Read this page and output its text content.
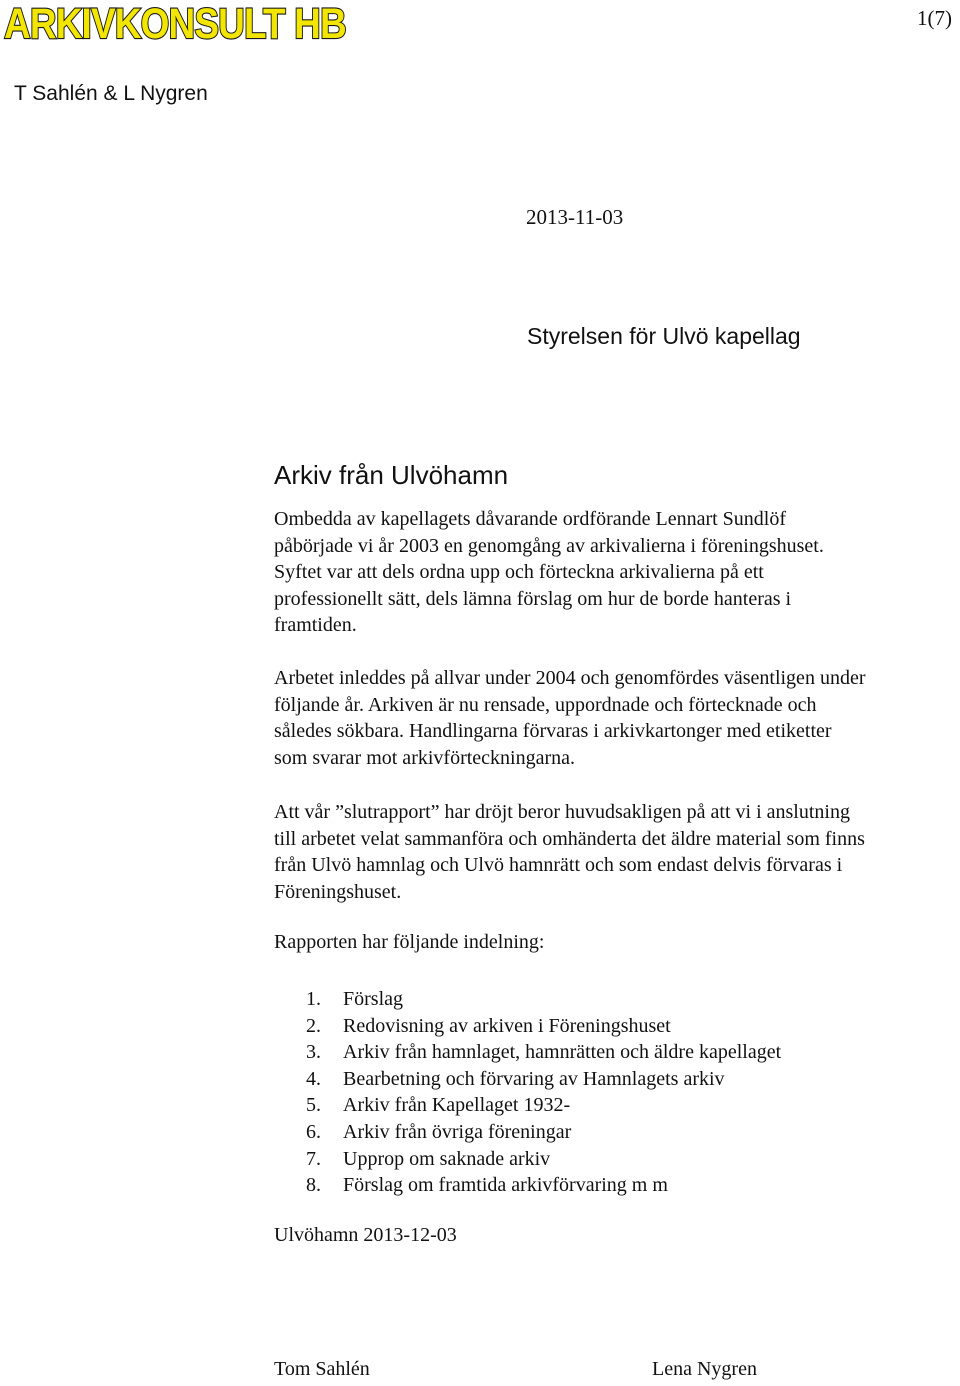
ARKIVKONSULT HB	1(7)
T Sahlén & L Nygren
2013-11-03
Styrelsen för Ulvö kapellag
Arkiv från Ulvöhamn
Ombedda av kapellagets dåvarande ordförande Lennart Sundlöf
påbörjade vi år 2003 en genomgång av arkivalierna i föreningshuset.
Syftet var att dels ordna upp och förteckna arkivalierna på ett
professionellt sätt, dels lämna förslag om hur de borde hanteras i
framtiden.
Arbetet inleddes på allvar under 2004 och genomfördes väsentligen under
följande år. Arkiven är nu rensade, uppordnade och förtecknade och
således sökbara. Handlingarna förvaras i arkivkartonger med etiketter
som svarar mot arkivförteckningarna.
Att vår ”slutrapport” har dröjt beror huvudsakligen på att vi i anslutning
till arbetet velat sammanföra och omhänderta det äldre material som finns
från Ulvö hamnlag och Ulvö hamnrätt och som endast delvis förvaras i
Föreningshuset.
Rapporten har följande indelning:
1. Förslag
2. Redovisning av arkiven i Föreningshuset
3. Arkiv från hamnlaget, hamnrätten och äldre kapellaget
4. Bearbetning och förvaring av Hamnlagets arkiv
5. Arkiv från Kapellaget 1932-
6. Arkiv från övriga föreningar
7. Upprop om saknade arkiv
8. Förslag om framtida arkivförvaring m m
Ulvöhamn 2013-12-03
Tom Sahlén	Lena Nygren
